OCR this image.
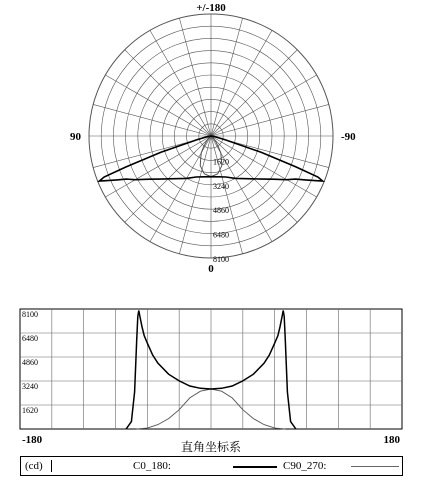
+/-180
0
90	-90
1620
3240
4860
6480
8100
1620
3240
4860
6480
8100
-180	180
直角坐标系
(cd)	C0_180:	C90_270:
